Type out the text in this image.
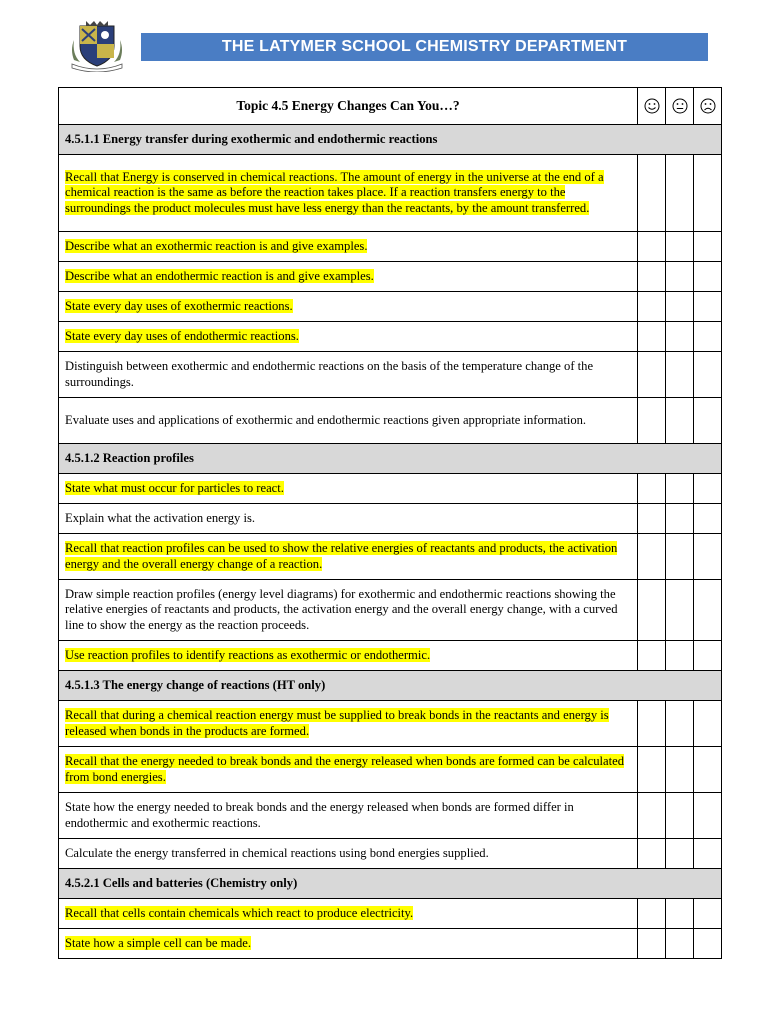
THE LATYMER SCHOOL CHEMISTRY DEPARTMENT
Topic 4.5 Energy Changes Can You…?	

4.5.1.1 Energy transfer during exothermic and endothermic reactions			
Recall that Energy is conserved in chemical reactions. The amount of energy in the universe at the end of a chemical reaction is the same as before the reaction takes place. If a reaction transfers energy to the surroundings the product molecules must have less energy than the reactants, by the amount transferred.			
Describe what an exothermic reaction is and give examples.			
Describe what an endothermic reaction is and give examples.			
State every day uses of exothermic reactions.			
State every day uses of endothermic reactions.			
Distinguish between exothermic and endothermic reactions on the basis of the temperature change of the surroundings.			
Evaluate uses and applications of exothermic and endothermic reactions given appropriate information.			
4.5.1.2 Reaction profiles			
State what must occur for particles to react.			
Explain what the activation energy is.			
Recall that reaction profiles can be used to show the relative energies of reactants and products, the activation energy and the overall energy change of a reaction.			
Draw simple reaction profiles (energy level diagrams) for exothermic and endothermic reactions showing the relative energies of reactants and products, the activation energy and the overall energy change, with a curved line to show the energy as the reaction proceeds.			
Use reaction profiles to identify reactions as exothermic or endothermic.			
4.5.1.3 The energy change of reactions (HT only)			
Recall that during a chemical reaction energy must be supplied to break bonds in the reactants and energy is released when bonds in the products are formed.			
Recall that the energy needed to break bonds and the energy released when bonds are formed can be calculated from bond energies.			
State how the energy needed to break bonds and the energy released when bonds are formed differ in endothermic and exothermic reactions.			
Calculate the energy transferred in chemical reactions using bond energies supplied.			
4.5.2.1 Cells and batteries (Chemistry only)			
Recall that cells contain chemicals which react to produce electricity.			
State how a simple cell can be made.			
